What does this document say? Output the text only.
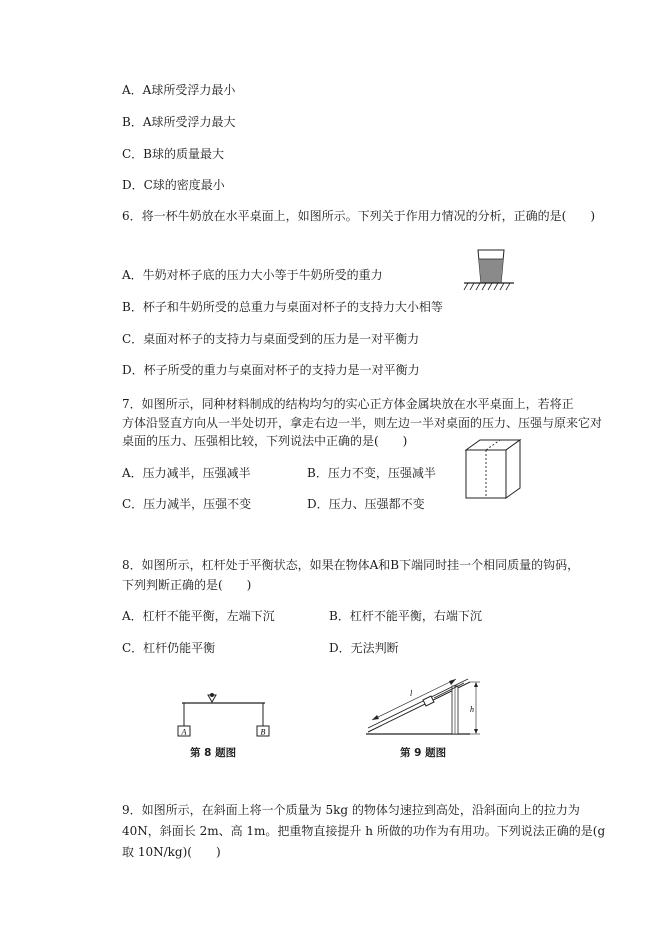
A．A球所受浮力最小
B．A球所受浮力最大
C．B球的质量最大
D．C球的密度最小
6．将一杯牛奶放在水平桌面上，如图所示。下列关于作用力情况的分析，正确的是(　　)
A．牛奶对杯子底的压力大小等于牛奶所受的重力
B．杯子和牛奶所受的总重力与桌面对杯子的支持力大小相等
C．桌面对杯子的支持力与桌面受到的压力是一对平衡力
D．杯子所受的重力与桌面对杯子的支持力是一对平衡力
7．如图所示，同种材料制成的结构均匀的实心正方体金属块放在水平桌面上，若将正
方体沿竖直方向从一半处切开，拿走右边一半，则左边一半对桌面的压力、压强与原来它对
桌面的压力、压强相比较，下列说法中正确的是(　　)
A．压力减半，压强减半	B．压力不变，压强减半
C．压力减半，压强不变	D．压力、压强都不变
8．如图所示，杠杆处于平衡状态，如果在物体A和B下端同时挂一个相同质量的钩码，
下列判断正确的是(　　)
A．杠杆不能平衡，左端下沉	B．杠杆不能平衡，右端下沉
C．杠杆仍能平衡	D．无法判断
A	B
第 8 题图
l
h
第 9 题图
9．如图所示，在斜面上将一个质量为 5kg 的物体匀速拉到高处，沿斜面向上的拉力为
40N，斜面长 2m、高 1m。把重物直接提升 h 所做的功作为有用功。下列说法正确的是(g
取 10N/kg)(　　)
